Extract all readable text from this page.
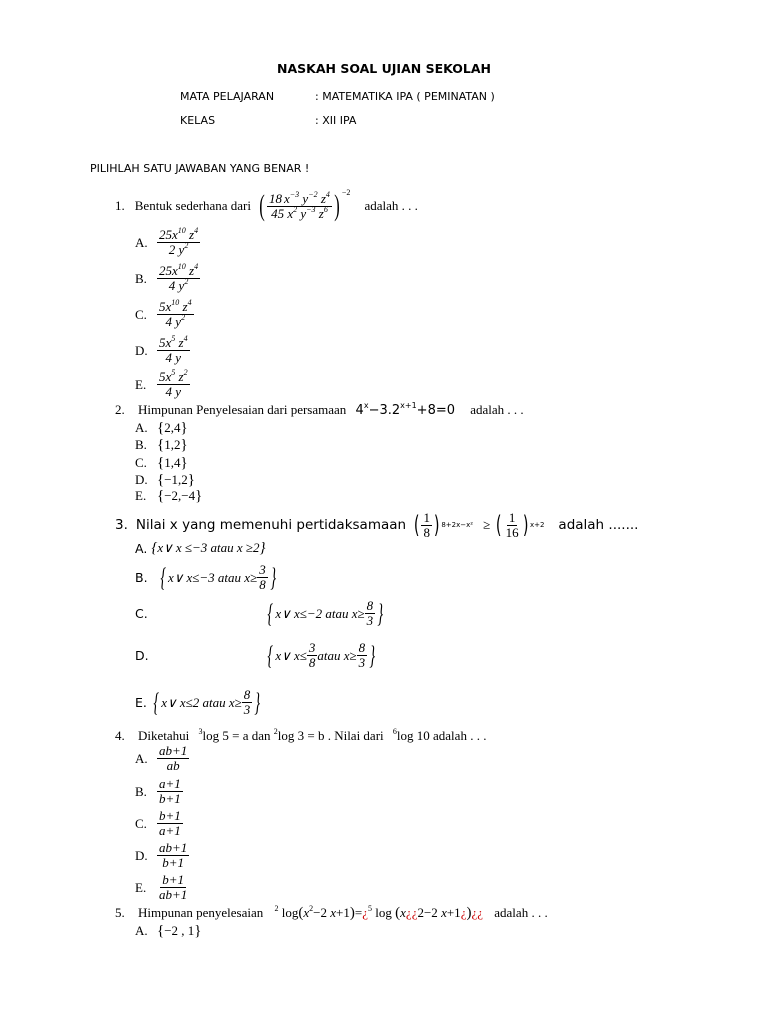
NASKAH SOAL UJIAN SEKOLAH
MATA PELAJARAN	: MATEMATIKA IPA ( PEMINATAN )
KELAS	: XII IPA
PILIHLAH SATU JAWABAN YANG BENAR !
1. Bentuk sederhana dari ( $\frac{18 x^{-3} y^{-2} z^4}{45 x^2 y^{-3} z^6}$ ) $^{-2}$
adalah . . .
A. $\frac{25x^{10} z^4}{2 y^2}$
B. $\frac{25x^{10} z^4}{4 y^2}$
C. $\frac{5x^{10} z^4}{4 y^2}$
D. $\frac{5x^5 z^4}{4 y}$
E. $\frac{5x^5 z^2}{4 y}$
2. Himpunan Penyelesaian dari persamaan $4^x-3.2^{x+1}+8=0$ adalah . . .
A. {2,4}
B. {1,2}
C. {1,4}
D. {−1,2}
E. {−2,−4}
3. Nilai x yang memenuhi pertidaksamaan ( $\frac{1}{8}$ ) 8+2x−x² ≥ ( $\frac{1}{16}$ ) x+2 adalah .......
A. {x∨ x ≤−3 atau x ≥2}
B. { x∨ x≤−3 atau $x\ge \frac{3}{8}$ }
C.	{ x∨ x≤−2 atau $x\ge \frac{8}{3}$ }
D.	{ x∨ $x\le \frac{3}{8}$ atau $x\ge \frac{8}{3}$ }
E. { x∨ x≤2 atau $x\ge \frac{8}{3}$ }
4. Diketahui $^3$log 5 = a dan $^2$log 3 = b . Nilai dari $^6$log 10 adalah . . .
A. $\frac{ab+1}{ab}$
B. $\frac{a+1}{b+1}$
C. $\frac{b+1}{a+1}$
D. $\frac{ab+1}{b+1}$
E. $\frac{b+1}{ab+1}$
5. Himpunan penyelesaian $^2$ $\log(x^2-2$ x+1)=¿$^5$ log (x¿¿2−2 x+1¿)¿¿ adalah . . .
A. {−2 , 1}
